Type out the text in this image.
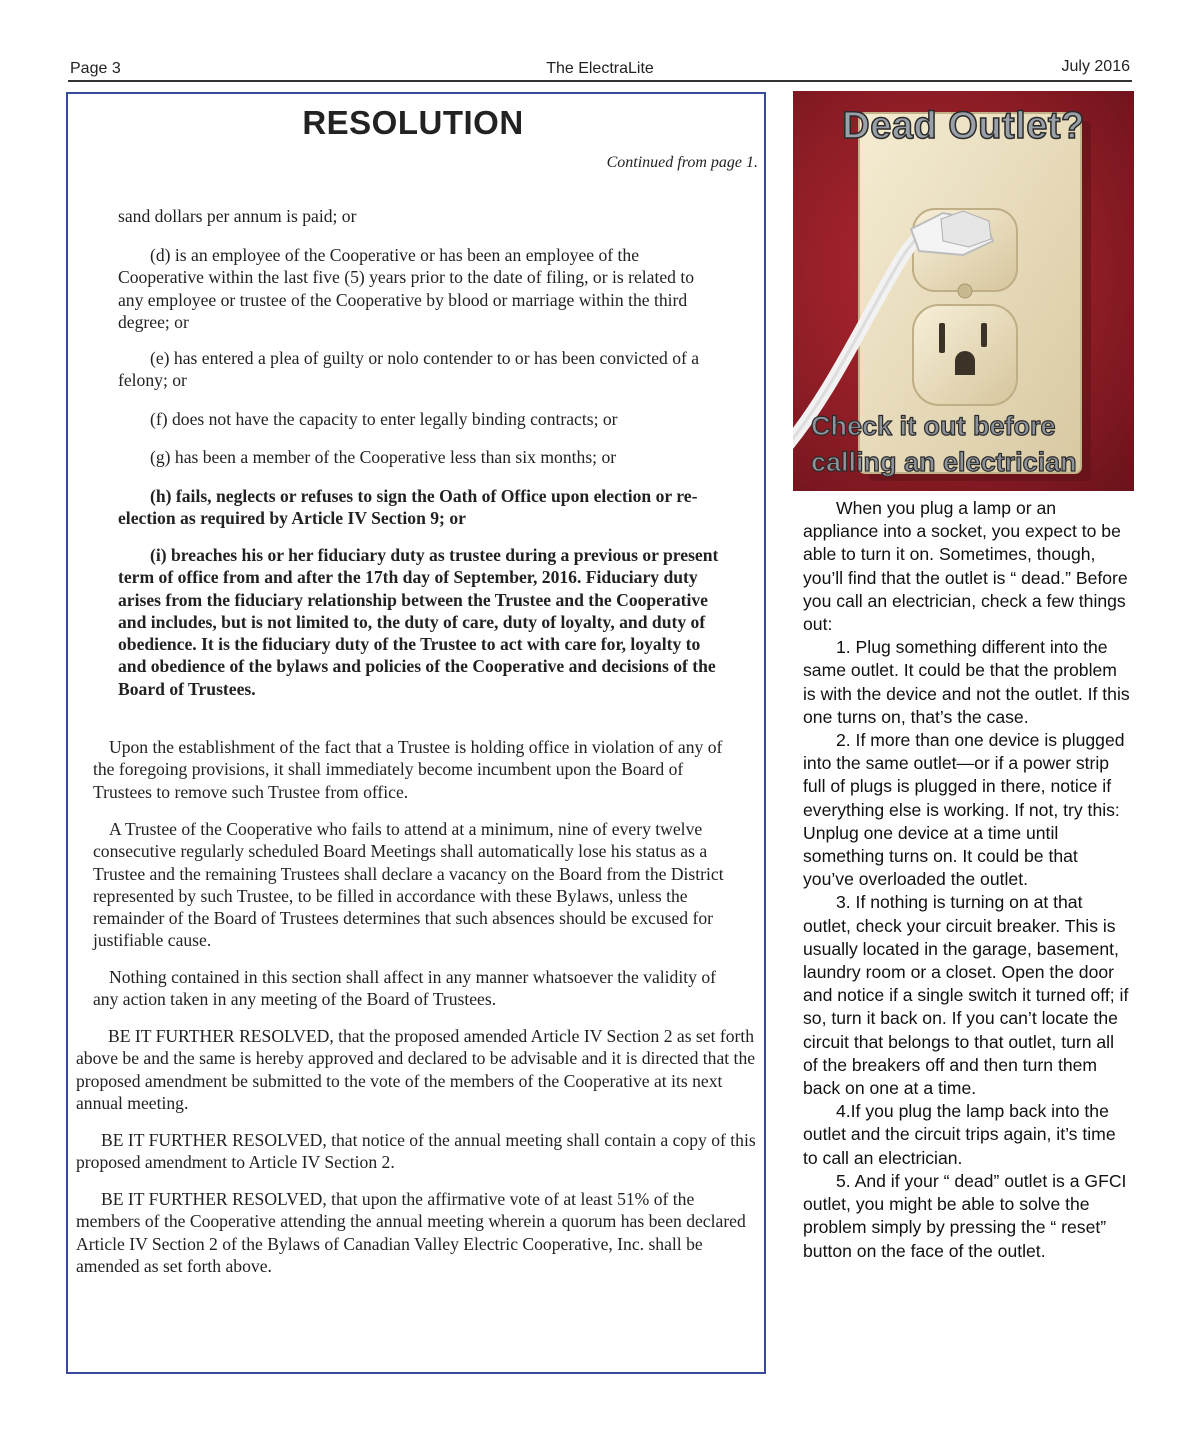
Page 3	The ElectraLite	July 2016
RESOLUTION
Continued from page 1.

sand dollars per annum is paid; or

(d) is an employee of the Cooperative or has been an employee of the Cooperative within the last five (5) years prior to the date of filing, or is related to any employee or trustee of the Cooperative by blood or marriage within the third degree; or

(e) has entered a plea of guilty or nolo contender to or has been convicted of a felony; or

(f) does not have the capacity to enter legally binding contracts; or

(g) has been a member of the Cooperative less than six months; or

(h) fails, neglects or refuses to sign the Oath of Office upon election or re-election as required by Article IV Section 9; or

(i) breaches his or her fiduciary duty as trustee during a previous or present term of office from and after the 17th day of September, 2016. Fiduciary duty arises from the fiduciary relationship between the Trustee and the Cooperative and includes, but is not limited to, the duty of care, duty of loyalty, and duty of obedience. It is the fiduciary duty of the Trustee to act with care for, loyalty to and obedience of the bylaws and policies of the Cooperative and decisions of the Board of Trustees.

Upon the establishment of the fact that a Trustee is holding office in violation of any of the foregoing provisions, it shall immediately become incumbent upon the Board of Trustees to remove such Trustee from office.

A Trustee of the Cooperative who fails to attend at a minimum, nine of every twelve consecutive regularly scheduled Board Meetings shall automatically lose his status as a Trustee and the remaining Trustees shall declare a vacancy on the Board from the District represented by such Trustee, to be filled in accordance with these Bylaws, unless the remainder of the Board of Trustees determines that such absences should be excused for justifiable cause.

Nothing contained in this section shall affect in any manner whatsoever the validity of any action taken in any meeting of the Board of Trustees.

BE IT FURTHER RESOLVED, that the proposed amended Article IV Section 2 as set forth above be and the same is hereby approved and declared to be advisable and it is directed that the proposed amendment be submitted to the vote of the members of the Cooperative at its next annual meeting.

BE IT FURTHER RESOLVED, that notice of the annual meeting shall contain a copy of this proposed amendment to Article IV Section 2.

BE IT FURTHER RESOLVED, that upon the affirmative vote of at least 51% of the members of the Cooperative attending the annual meeting wherein a quorum has been declared Article IV Section 2 of the Bylaws of Canadian Valley Electric Cooperative, Inc. shall be amended as set forth above.

Dead Outlet?
Check it out before
calling an electrician

When you plug a lamp or an appliance into a socket, you expect to be able to turn it on. Sometimes, though, you’ll find that the outlet is “ dead.” Before you call an electrician, check a few things out:

1. Plug something different into the same outlet. It could be that the problem is with the device and not the outlet. If this one turns on, that’s the case.

2. If more than one device is plugged into the same outlet—or if a power strip full of plugs is plugged in there, notice if everything else is working. If not, try this: Unplug one device at a time until something turns on. It could be that you’ve overloaded the outlet.

3. If nothing is turning on at that outlet, check your circuit breaker. This is usually located in the garage, basement, laundry room or a closet. Open the door and notice if a single switch it turned off; if so, turn it back on. If you can’t locate the circuit that belongs to that outlet, turn all of the breakers off and then turn them back on one at a time.

4.If you plug the lamp back into the outlet and the circuit trips again, it’s time to call an electrician.

5. And if your “ dead” outlet is a GFCI outlet, you might be able to solve the problem simply by pressing the “ reset” button on the face of the outlet.
